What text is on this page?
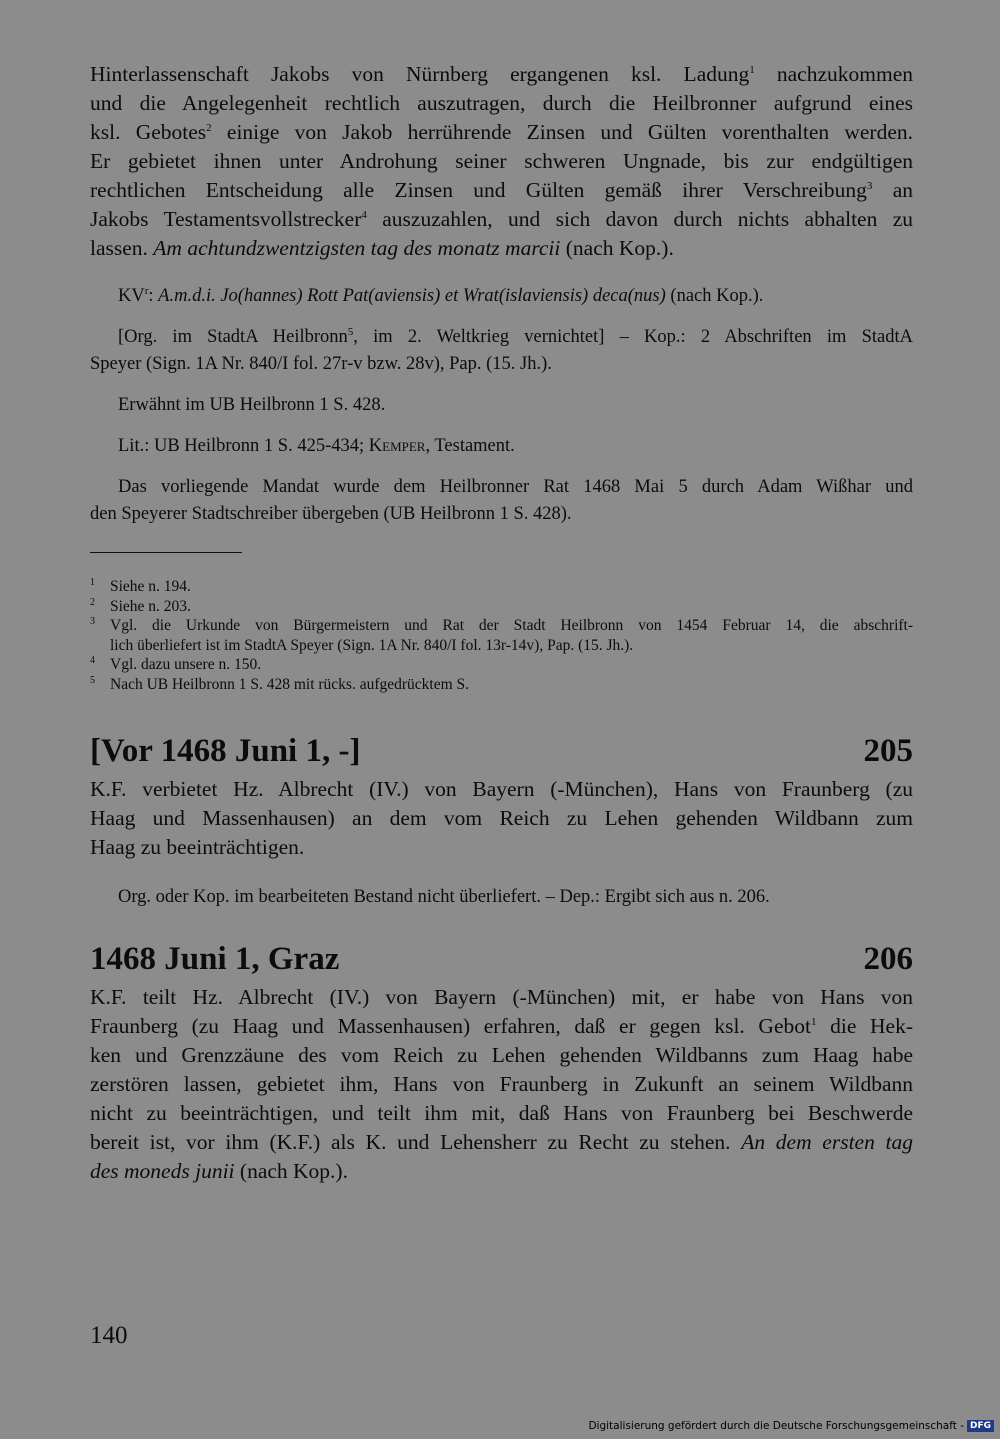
Hinterlassenschaft Jakobs von Nürnberg ergangenen ksl. Ladung$^1$ nachzukommen

und die Angelegenheit rechtlich auszutragen, durch die Heilbronner aufgrund eines

ksl. Gebotes$^2$ einige von Jakob herrührende Zinsen und Gülten vorenthalten werden.

Er gebietet ihnen unter Androhung seiner schweren Ungnade, bis zur endgültigen

rechtlichen Entscheidung alle Zinsen und Gülten gemäß ihrer Verschreibung$^3$ an

Jakobs Testamentsvollstrecker$^4$ auszuzahlen, und sich davon durch nichts abhalten zu

lassen. Am achtundzwentzigsten tag des monatz marcii (nach Kop.).

$KV^r$: A.m.d.i. Jo(hannes) Rott Pat(aviensis) et Wrat(islaviensis) deca(nus) (nach Kop.).

[Org. im StadtA Heilbronn$^5$, im 2. Weltkrieg vernichtet] – Kop.: 2 Abschriften im StadtA

Speyer (Sign. 1A Nr. 840/I fol. 27r-v bzw. 28v), Pap. (15. Jh.).

Erwähnt im UB Heilbronn 1 S. 428.

Lit.: UB Heilbronn 1 S. 425-434; Kemper, Testament.

Das vorliegende Mandat wurde dem Heilbronner Rat 1468 Mai 5 durch Adam Wißhar und

den Speyerer Stadtschreiber übergeben (UB Heilbronn 1 S. 428).

1 Siehe n. 194.
2 Siehe n. 203.
3 Vgl. die Urkunde von Bürgermeistern und Rat der Stadt Heilbronn von 1454 Februar 14, die abschrift-
lich überliefert ist im StadtA Speyer (Sign. 1A Nr. 840/I fol. 13r-14v), Pap. (15. Jh.).
4 Vgl. dazu unsere n. 150.
5 Nach UB Heilbronn 1 S. 428 mit rücks. aufgedrücktem S.
[Vor 1468 Juni 1, -]	205

K.F. verbietet Hz. Albrecht (IV.) von Bayern (-München), Hans von Fraunberg (zu

Haag und Massenhausen) an dem vom Reich zu Lehen gehenden Wildbann zum

Haag zu beeinträchtigen.

Org. oder Kop. im bearbeiteten Bestand nicht überliefert. – Dep.: Ergibt sich aus n. 206.

1468 Juni 1, Graz	206

K.F. teilt Hz. Albrecht (IV.) von Bayern (-München) mit, er habe von Hans von

Fraunberg (zu Haag und Massenhausen) erfahren, daß er gegen ksl. Gebot$^1$ die Hek-

ken und Grenzzäune des vom Reich zu Lehen gehenden Wildbanns zum Haag habe

zerstören lassen, gebietet ihm, Hans von Fraunberg in Zukunft an seinem Wildbann

nicht zu beeinträchtigen, und teilt ihm mit, daß Hans von Fraunberg bei Beschwerde

bereit ist, vor ihm (K.F.) als K. und Lehensherr zu Recht zu stehen. An dem ersten tag

des moneds junii (nach Kop.).

140
Digitalisierung gefördert durch die Deutsche Forschungsgemeinschaft - DFG
